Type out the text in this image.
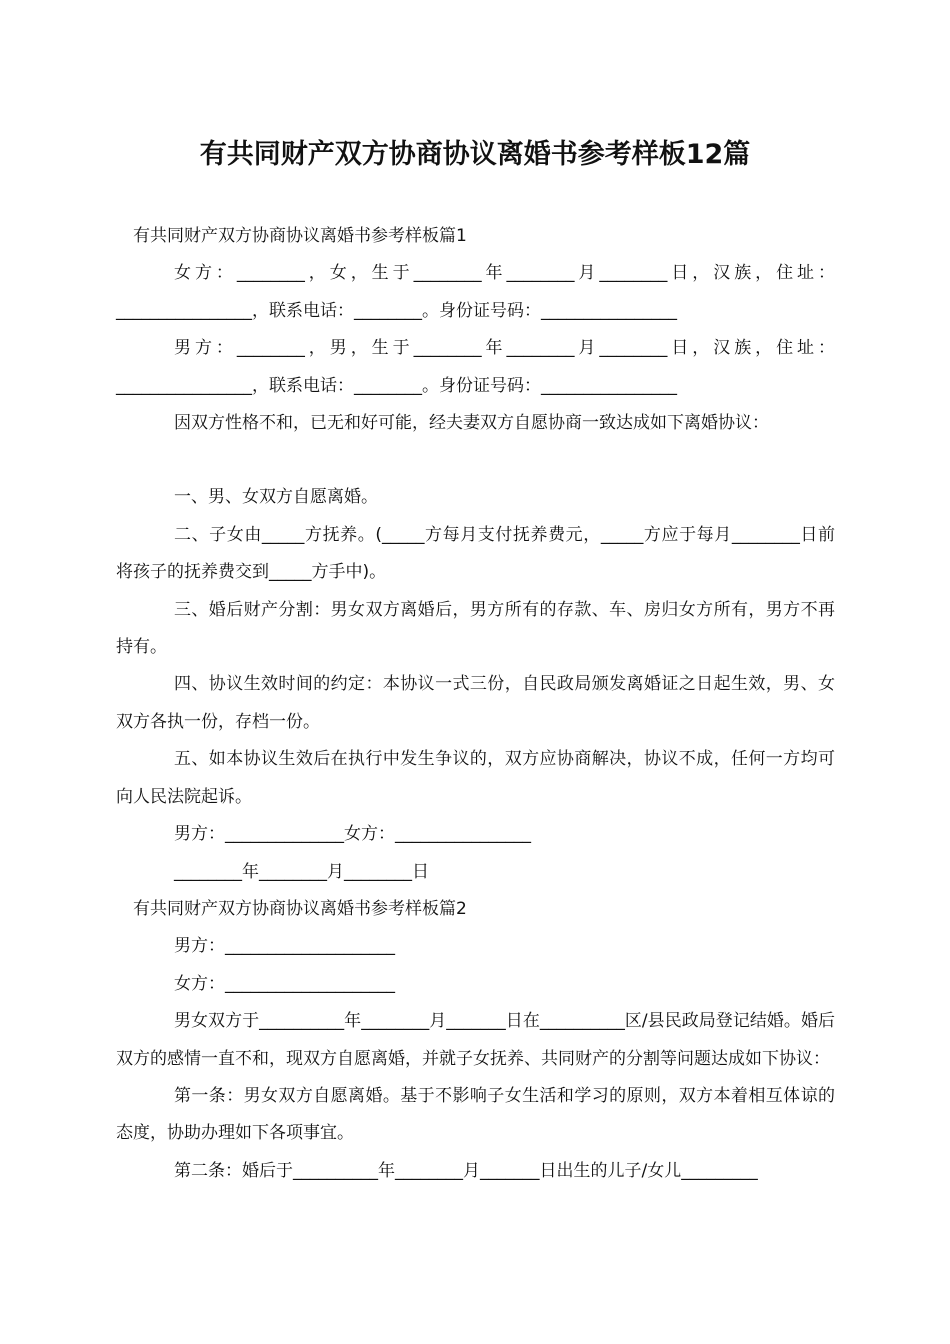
有共同财产双方协商协议离婚书参考样板12篇

有共同财产双方协商协议离婚书参考样板篇1

女方：________，女，生于________年________月________日，汉族，住址：________________，联系电话：________。身份证号码：________________

男方：________，男，生于________年________月________日，汉族，住址：________________，联系电话：________。身份证号码：________________

因双方性格不和，已无和好可能，经夫妻双方自愿协商一致达成如下离婚协议：

一、男、女双方自愿离婚。

二、子女由_____方抚养。(_____方每月支付抚养费元，_____方应于每月________日前将孩子的抚养费交到_____方手中)。

三、婚后财产分割：男女双方离婚后，男方所有的存款、车、房归女方所有，男方不再持有。

四、协议生效时间的约定：本协议一式三份，自民政局颁发离婚证之日起生效，男、女双方各执一份，存档一份。

五、如本协议生效后在执行中发生争议的，双方应协商解决，协议不成，任何一方均可向人民法院起诉。

男方：______________女方：________________

________年________月________日

有共同财产双方协商协议离婚书参考样板篇2

男方：____________________

女方：____________________

男女双方于__________年________月_______日在__________区/县民政局登记结婚。婚后双方的感情一直不和，现双方自愿离婚，并就子女抚养、共同财产的分割等问题达成如下协议：

第一条：男女双方自愿离婚。基于不影响子女生活和学习的原则，双方本着相互体谅的态度，协助办理如下各项事宜。

第二条：婚后于__________年________月_______日出生的儿子/女儿_________
